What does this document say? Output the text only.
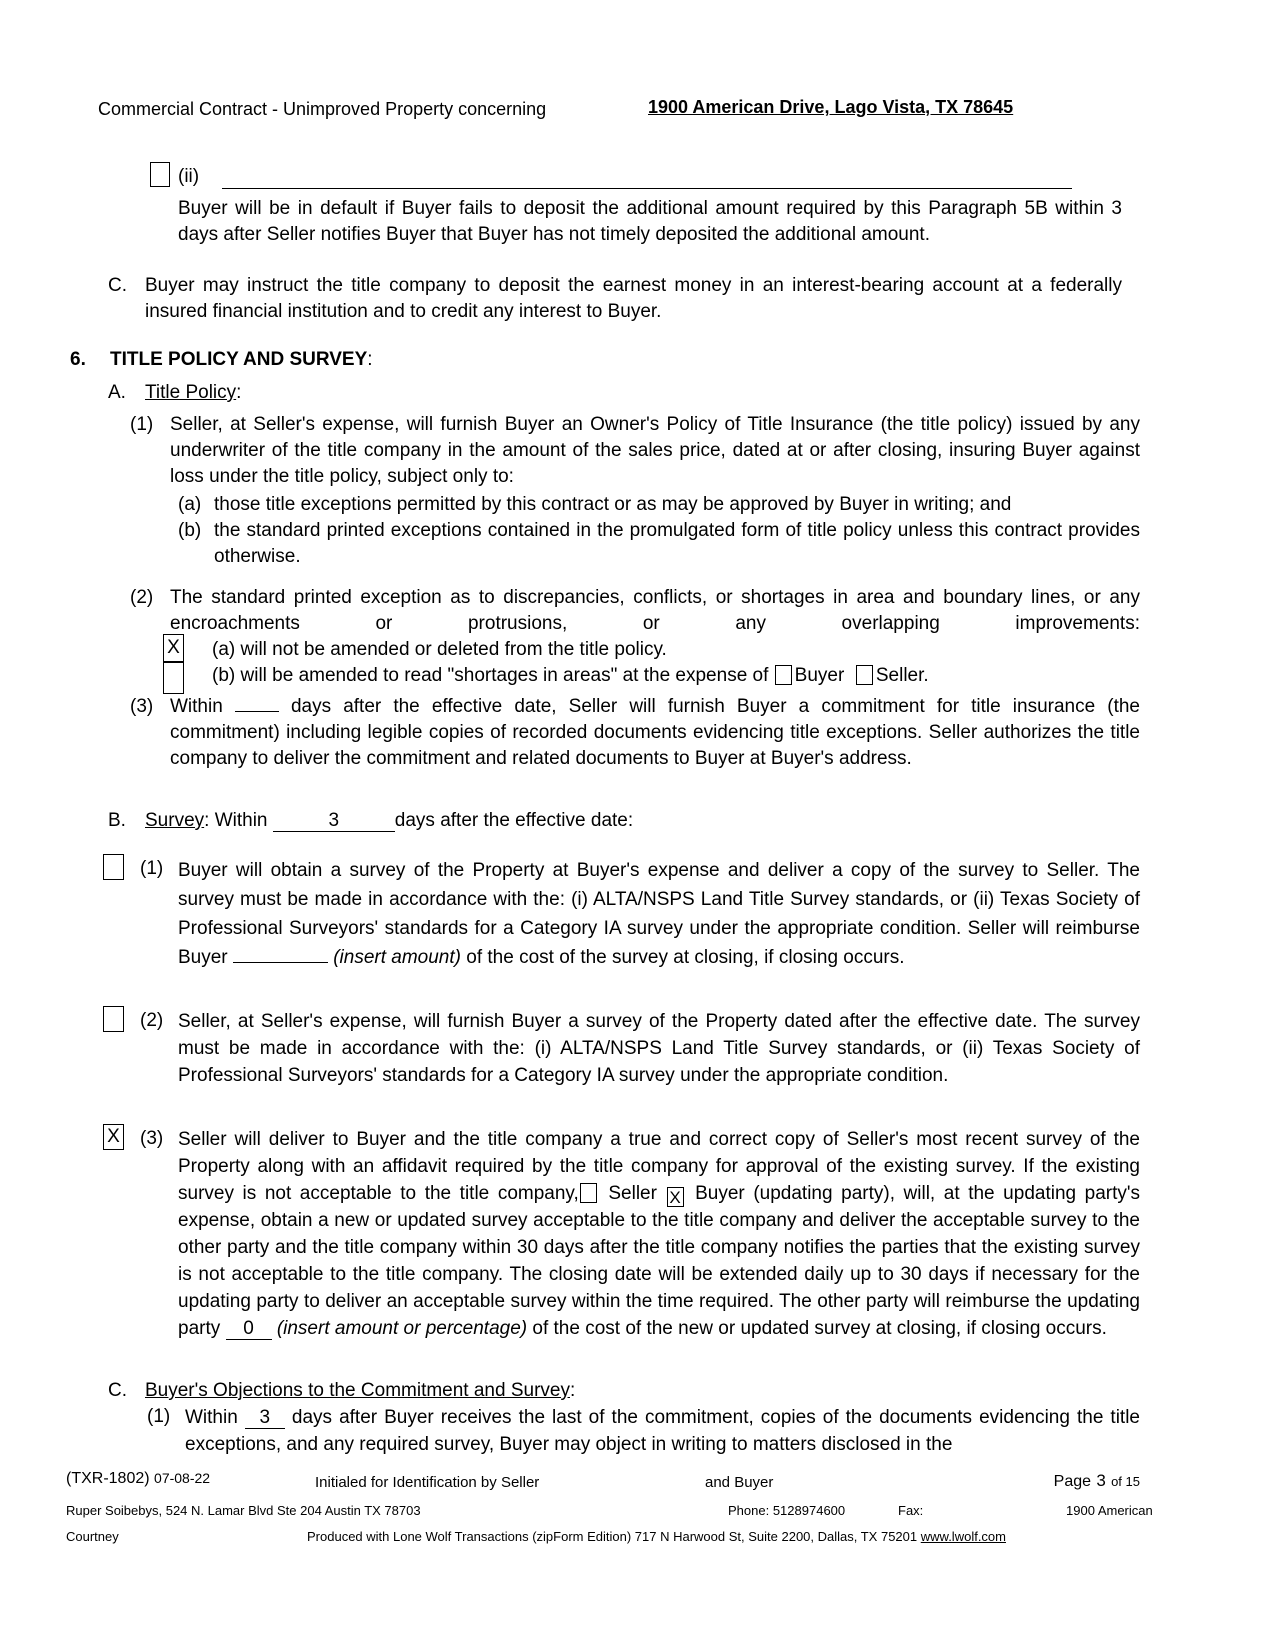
Commercial Contract - Unimproved Property concerning	1900 American Drive, Lago Vista, TX 78645
(ii)
Buyer will be in default if Buyer fails to deposit the additional amount required by this Paragraph 5B within 3 days after Seller notifies Buyer that Buyer has not timely deposited the additional amount.
C. Buyer may instruct the title company to deposit the earnest money in an interest-bearing account at a federally insured financial institution and to credit any interest to Buyer.
6. TITLE POLICY AND SURVEY:
A. Title Policy:
(1) Seller, at Seller's expense, will furnish Buyer an Owner's Policy of Title Insurance (the title policy) issued by any underwriter of the title company in the amount of the sales price, dated at or after closing, insuring Buyer against loss under the title policy, subject only to:
(a) those title exceptions permitted by this contract or as may be approved by Buyer in writing; and
(b) the standard printed exceptions contained in the promulgated form of title policy unless this contract provides otherwise.
(2) The standard printed exception as to discrepancies, conflicts, or shortages in area and boundary lines, or any encroachments or protrusions, or any overlapping improvements:
X (a) will not be amended or deleted from the title policy.
(b) will be amended to read "shortages in areas" at the expense of Buyer Seller.
(3) Within	days after the effective date, Seller will furnish Buyer a commitment for title insurance (the commitment) including legible copies of recorded documents evidencing title exceptions. Seller authorizes the title company to deliver the commitment and related documents to Buyer at Buyer's address.
B. Survey: Within	3	days after the effective date:
(1) Buyer will obtain a survey of the Property at Buyer's expense and deliver a copy of the survey to Seller. The survey must be made in accordance with the: (i) ALTA/NSPS Land Title Survey standards, or (ii) Texas Society of Professional Surveyors' standards for a Category IA survey under the appropriate condition. Seller will reimburse Buyer	(insert amount) of the cost of the survey at closing, if closing occurs.
(2) Seller, at Seller's expense, will furnish Buyer a survey of the Property dated after the effective date. The survey must be made in accordance with the: (i) ALTA/NSPS Land Title Survey standards, or (ii) Texas Society of Professional Surveyors' standards for a Category IA survey under the appropriate condition.
X (3) Seller will deliver to Buyer and the title company a true and correct copy of Seller's most recent survey of the Property along with an affidavit required by the title company for approval of the existing survey. If the existing survey is not acceptable to the title company, Seller X Buyer (updating party), will, at the updating party's expense, obtain a new or updated survey acceptable to the title company and deliver the acceptable survey to the other party and the title company within 30 days after the title company notifies the parties that the existing survey is not acceptable to the title company. The closing date will be extended daily up to 30 days if necessary for the updating party to deliver an acceptable survey within the time required. The other party will reimburse the updating party 0 (insert amount or percentage) of the cost of the new or updated survey at closing, if closing occurs.
C. Buyer's Objections to the Commitment and Survey:
(1) Within 3 days after Buyer receives the last of the commitment, copies of the documents evidencing the title exceptions, and any required survey, Buyer may object in writing to matters disclosed in the
(TXR-1802) 07-08-22	Initialed for Identification by Seller	and Buyer	Page 3 of 15
Ruper Soibebys, 524 N. Lamar Blvd Ste 204 Austin TX 78703	Phone: 5128974600	Fax:	1900 American
Courtney	Produced with Lone Wolf Transactions (zipForm Edition) 717 N Harwood St, Suite 2200, Dallas, TX 75201 www.lwolf.com
